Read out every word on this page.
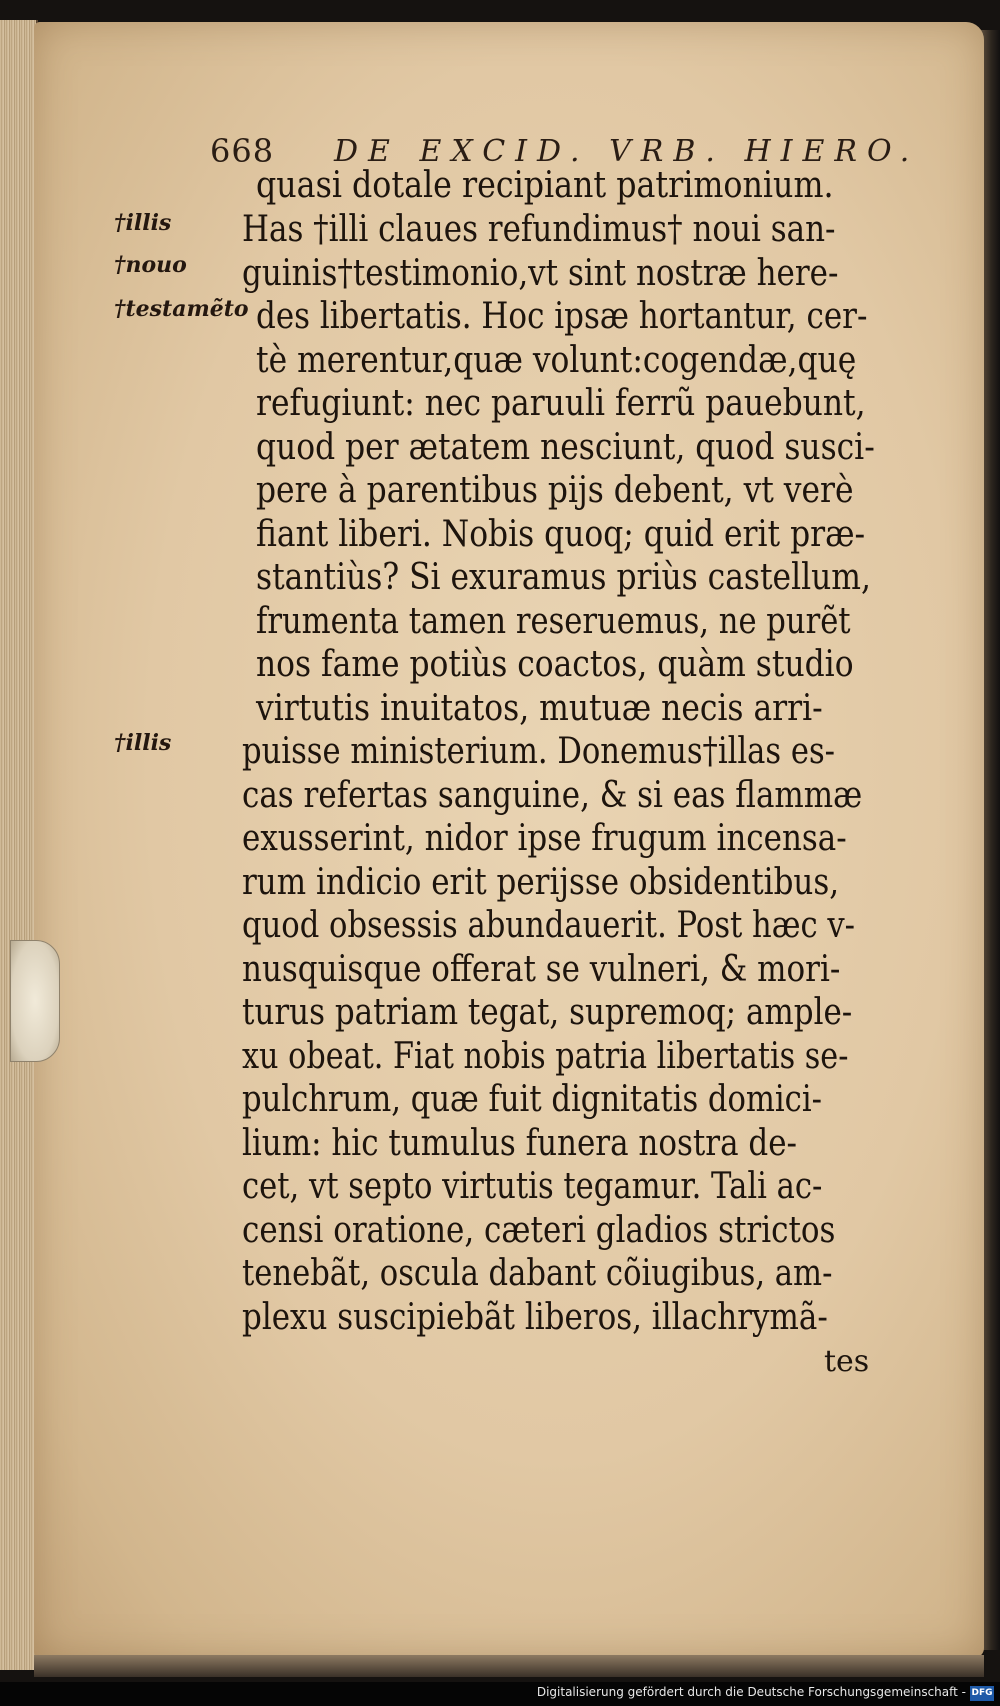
668 DE EXCID. VRB. HIERO.
†illis
†nouo
†testamẽto
†illis
quasi dotale recipiant patrimonium.
Has †illi claues refundimus† noui san-
guinis†testimonio,vt sint nostræ here-
des libertatis. Hoc ipsæ hortantur, cer-
tè merentur,quæ volunt:cogendæ,quę
refugiunt: nec paruuli ferrũ pauebunt,
quod per ætatem nesciunt, quod susci-
pere à parentibus pijs debent, vt verè
fiant liberi. Nobis quoq; quid erit præ-
stantiùs? Si exuramus priùs castellum,
frumenta tamen reseruemus, ne purẽt
nos fame potiùs coactos, quàm studio
virtutis inuitatos, mutuæ necis arri-
puisse ministerium. Donemus†illas es-
cas refertas sanguine, & si eas flammæ
exusserint, nidor ipse frugum incensa-
rum indicio erit perijsse obsidentibus,
quod obsessis abundauerit. Post hæc v-
nusquisque offerat se vulneri, & mori-
turus patriam tegat, supremoq; ample-
xu obeat. Fiat nobis patria libertatis se-
pulchrum, quæ fuit dignitatis domici-
lium: hic tumulus funera nostra de-
cet, vt septo virtutis tegamur. Tali ac-
censi oratione, cæteri gladios strictos
tenebãt, oscula dabant cõiugibus, am-
plexu suscipiebãt liberos, illachrymã-
tes
Digitalisierung gefördert durch die Deutsche Forschungsgemeinschaft - DFG
